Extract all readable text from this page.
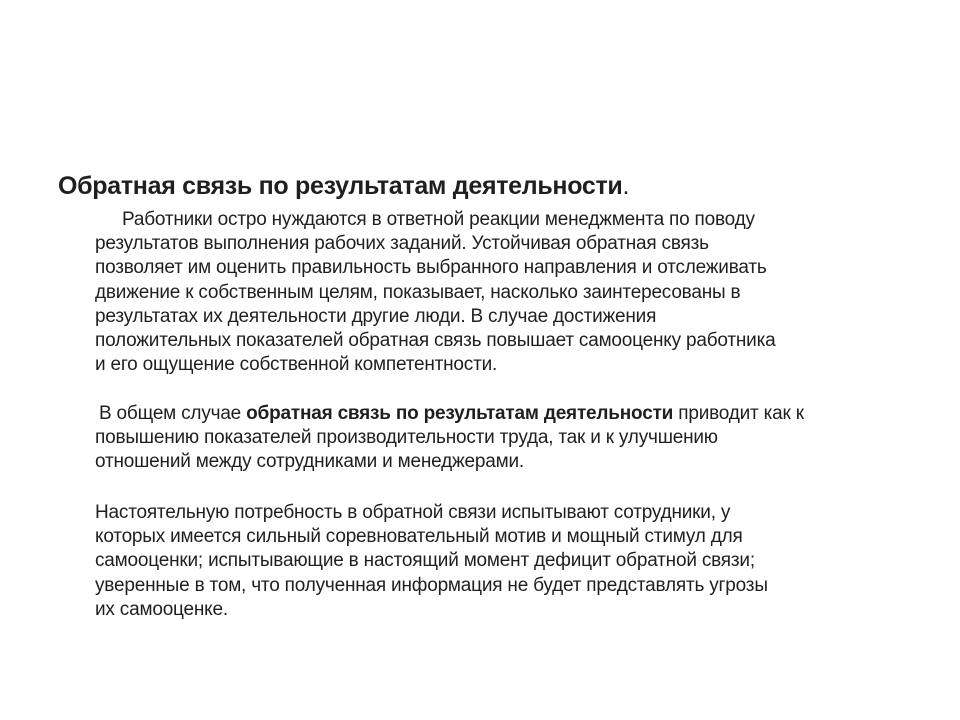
Обратная связь по результатам деятельности.

Работники остро нуждаются в ответной реакции менеджмента по поводу
результатов выполнения рабочих заданий. Устойчивая обратная связь
позволяет им оценить правильность выбранного направления и отслеживать
движение к собственным целям, показывает, насколько заинтересованы в
результатах их деятельности другие люди. В случае достижения
положительных показателей обратная связь повышает самооценку работника
и его ощущение собственной компетентности.

В общем случае обратная связь по результатам деятельности приводит как к
повышению показателей производительности труда, так и к улучшению
отношений между сотрудниками и менеджерами.

Настоятельную потребность в обратной связи испытывают сотрудники, у
которых имеется сильный соревновательный мотив и мощный стимул для
самооценки; испытывающие в настоящий момент дефицит обратной связи;
уверенные в том, что полученная информация не будет представлять угрозы
их самооценке.
